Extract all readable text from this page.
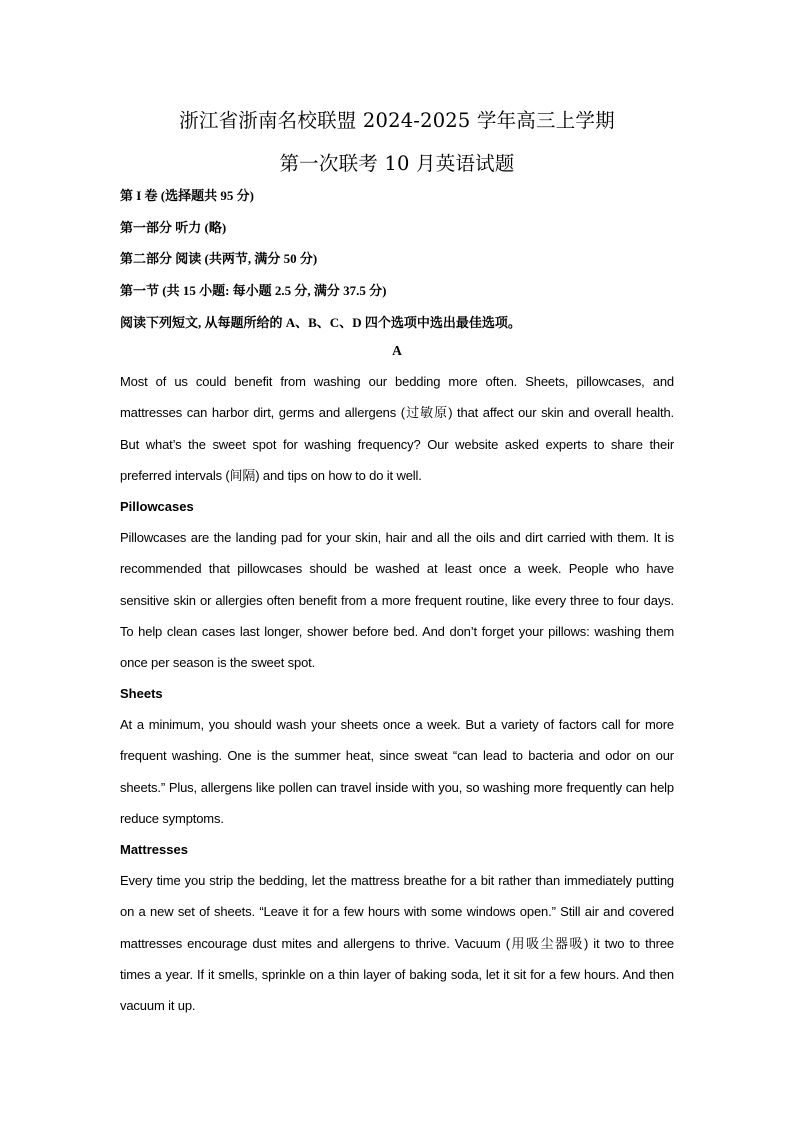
浙江省浙南名校联盟 2024-2025 学年高三上学期
第一次联考 10 月英语试题
第 I 卷 (选择题共 95 分)
第一部分 听力 (略)
第二部分 阅读 (共两节, 满分 50 分)
第一节 (共 15 小题: 每小题 2.5 分, 满分 37.5 分)
阅读下列短文, 从每题所给的 A、B、C、D 四个选项中选出最佳选项。
A
Most of us could benefit from washing our bedding more often. Sheets, pillowcases, and mattresses can harbor dirt, germs and allergens (过敏原) that affect our skin and overall health. But what’s the sweet spot for washing frequency? Our website asked experts to share their preferred intervals (间隔) and tips on how to do it well.
Pillowcases
Pillowcases are the landing pad for your skin, hair and all the oils and dirt carried with them. It is recommended that pillowcases should be washed at least once a week. People who have sensitive skin or allergies often benefit from a more frequent routine, like every three to four days. To help clean cases last longer, shower before bed. And don’t forget your pillows: washing them once per season is the sweet spot.
Sheets
At a minimum, you should wash your sheets once a week. But a variety of factors call for more frequent washing. One is the summer heat, since sweat “can lead to bacteria and odor on our sheets.” Plus, allergens like pollen can travel inside with you, so washing more frequently can help reduce symptoms.
Mattresses
Every time you strip the bedding, let the mattress breathe for a bit rather than immediately putting on a new set of sheets. “Leave it for a few hours with some windows open.” Still air and covered mattresses encourage dust mites and allergens to thrive. Vacuum (用吸尘器吸) it two to three times a year. If it smells, sprinkle on a thin layer of baking soda, let it sit for a few hours. And then vacuum it up.
